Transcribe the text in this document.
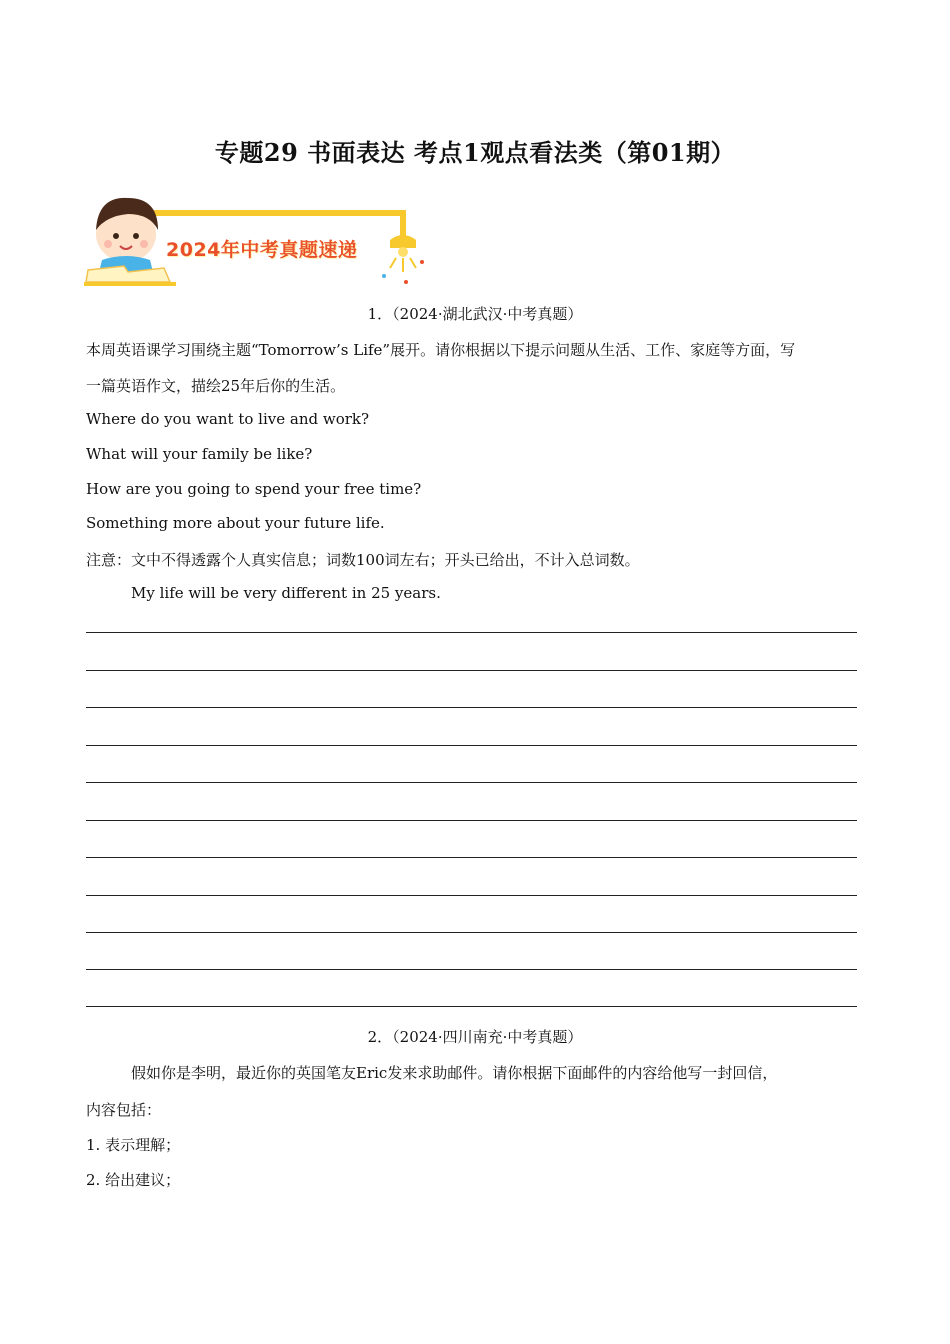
专题29 书面表达 考点1观点看法类（第01期）
2024年中考真题速递
1．（2024·湖北武汉·中考真题）
本周英语课学习围绕主题“Tomorrow’s Life”展开。请你根据以下提示问题从生活、工作、家庭等方面，写
一篇英语作文，描绘25年后你的生活。
Where do you want to live and work?
What will your family be like?
How are you going to spend your free time?
Something more about your future life.
注意：文中不得透露个人真实信息；词数100词左右；开头已给出，不计入总词数。
My life will be very different in 25 years.
2．（2024·四川南充·中考真题）
假如你是李明，最近你的英国笔友Eric发来求助邮件。请你根据下面邮件的内容给他写一封回信，
内容包括：
1. 表示理解；
2. 给出建议；
